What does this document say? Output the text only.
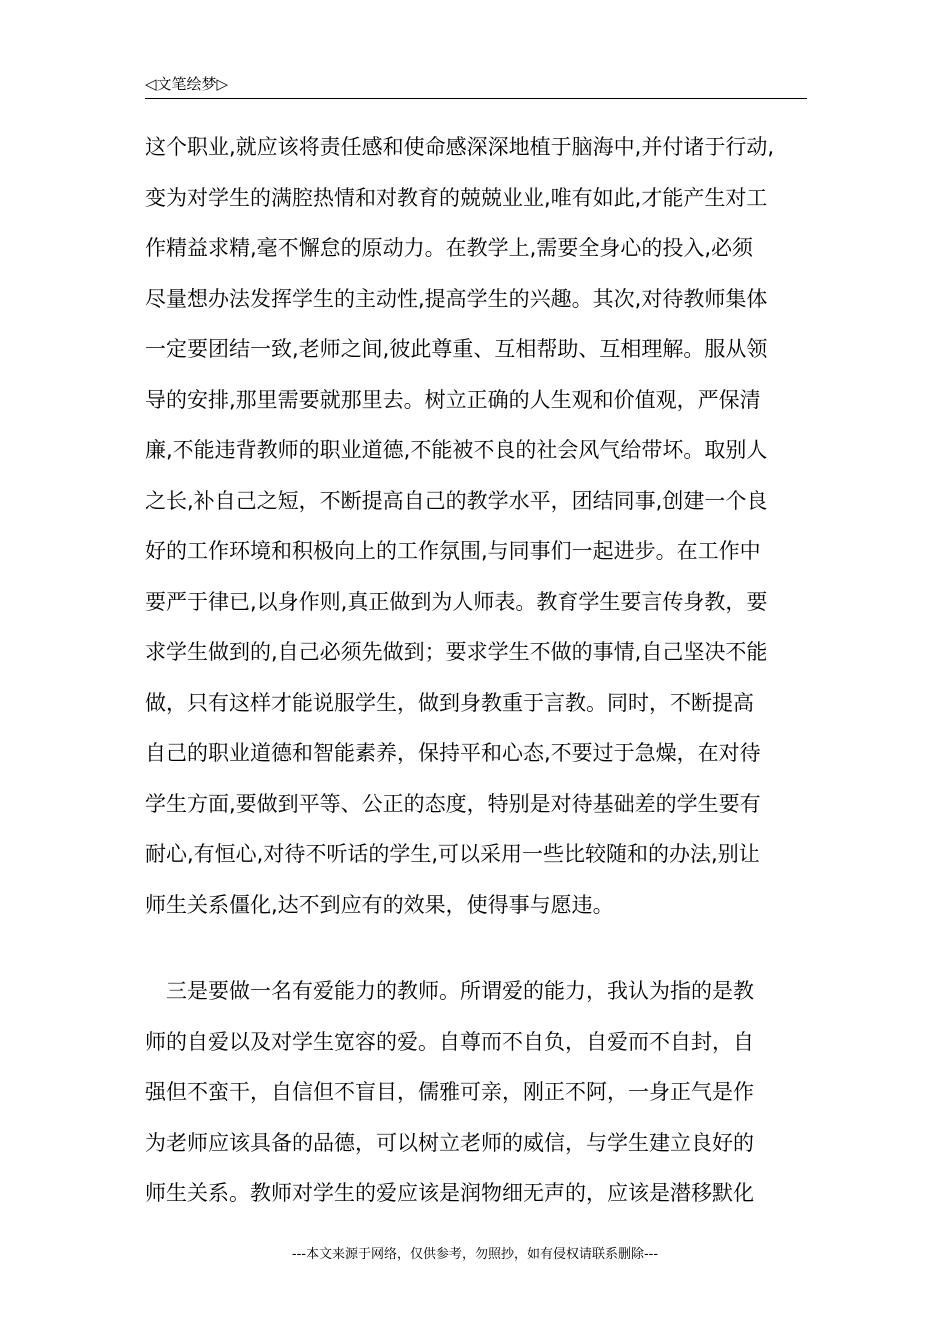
◁文笔绘梦▷
这个职业,就应该将责任感和使命感深深地植于脑海中,并付诸于行动,
变为对学生的满腔热情和对教育的兢兢业业,唯有如此,才能产生对工
作精益求精,毫不懈怠的原动力。在教学上,需要全身心的投入,必须
尽量想办法发挥学生的主动性,提高学生的兴趣。其次,对待教师集体
一定要团结一致,老师之间,彼此尊重、互相帮助、互相理解。服从领
导的安排,那里需要就那里去。树立正确的人生观和价值观，严保清
廉,不能违背教师的职业道德,不能被不良的社会风气给带坏。取别人
之长,补自己之短，不断提高自己的教学水平，团结同事,创建一个良
好的工作环境和积极向上的工作氛围,与同事们一起进步。在工作中
要严于律已,以身作则,真正做到为人师表。教育学生要言传身教，要
求学生做到的,自己必须先做到；要求学生不做的事情,自己坚决不能
做，只有这样才能说服学生，做到身教重于言教。同时，不断提高
自己的职业道德和智能素养，保持平和心态,不要过于急燥，在对待
学生方面,要做到平等、公正的态度，特别是对待基础差的学生要有
耐心,有恒心,对待不听话的学生,可以采用一些比较随和的办法,别让
师生关系僵化,达不到应有的效果，使得事与愿违。
　三是要做一名有爱能力的教师。所谓爱的能力，我认为指的是教
师的自爱以及对学生宽容的爱。自尊而不自负，自爱而不自封，自
强但不蛮干，自信但不盲目，儒雅可亲，刚正不阿，一身正气是作
为老师应该具备的品德，可以树立老师的威信，与学生建立良好的
师生关系。教师对学生的爱应该是润物细无声的，应该是潜移默化
---本文来源于网络，仅供参考，勿照抄，如有侵权请联系删除---
